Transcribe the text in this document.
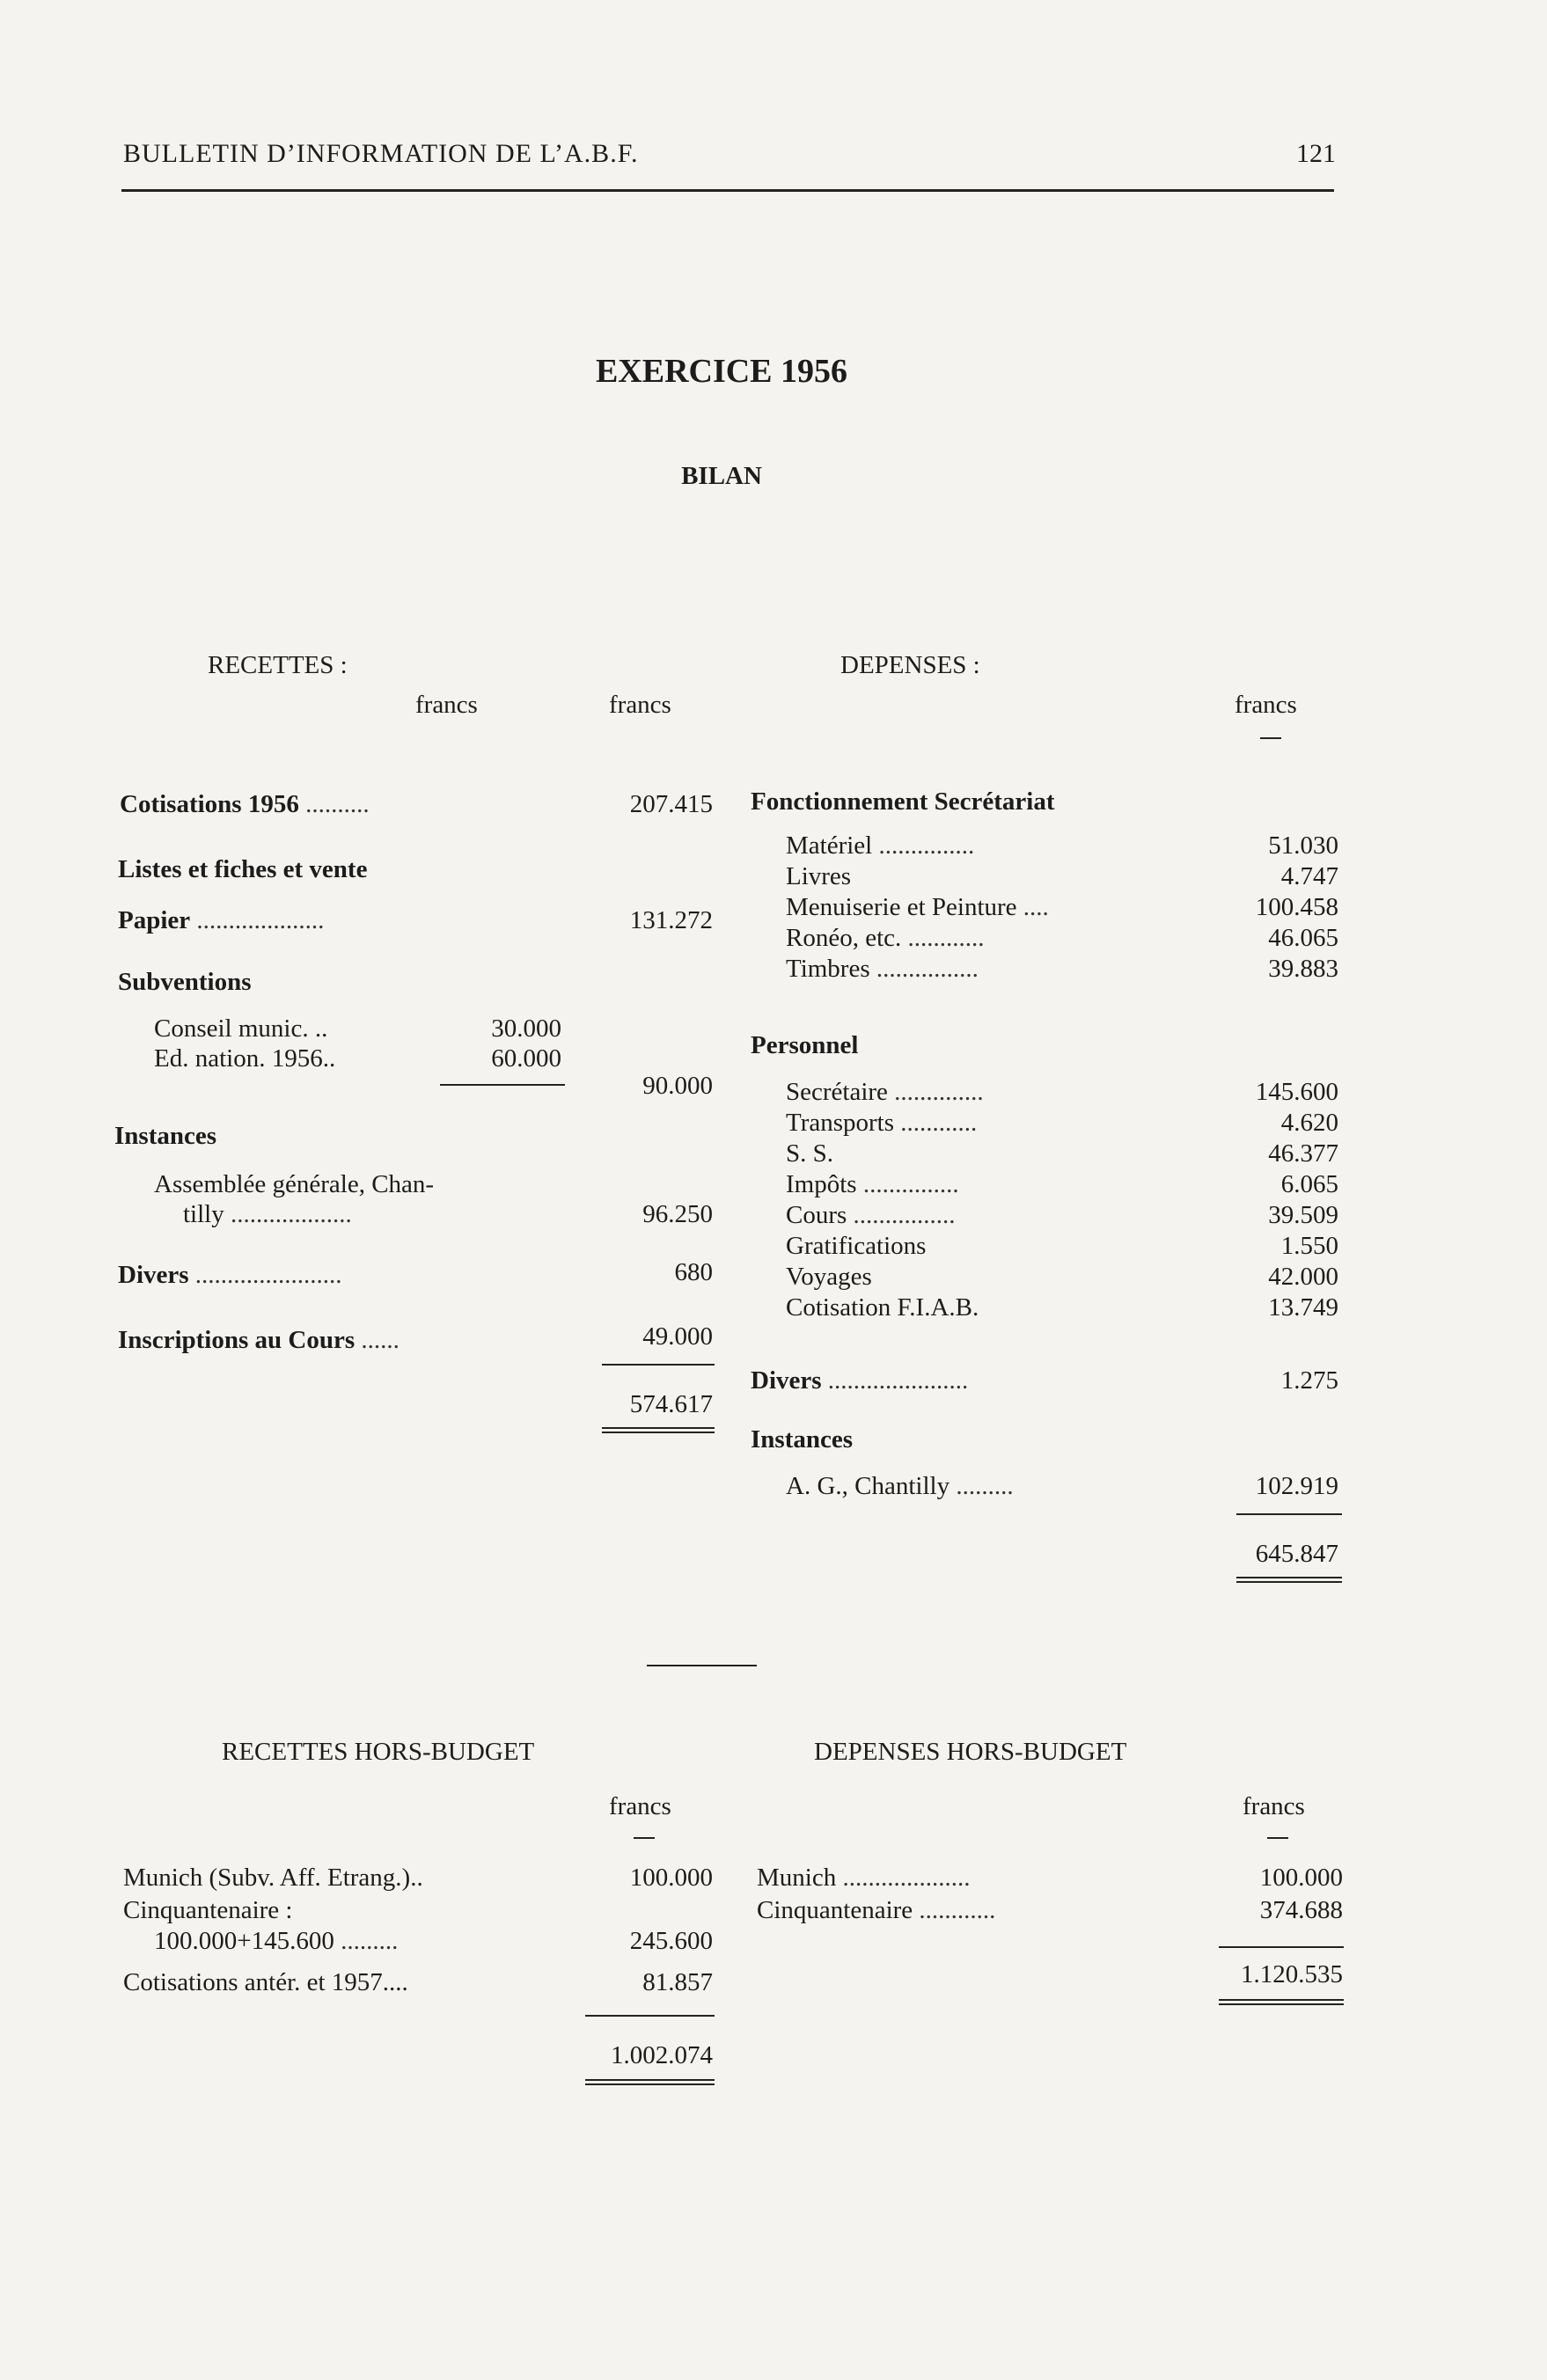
BULLETIN D’INFORMATION DE L’A.B.F.	121
EXERCICE 1956
BILAN
RECETTES :
francs	francs
Cotisations 1956 ..........	207.415
Listes et fiches et vente
Papier ....................	131.272
Subventions
Conseil munic. ..	30.000
Ed. nation. 1956..	60.000
90.000
Instances
Assemblée générale, Chan-
tilly ...................	96.250
Divers .......................	680
Inscriptions au Cours ......	49.000
574.617
DEPENSES :
francs
Fonctionnement Secrétariat
Matériel ...............	51.030
Livres	4.747
Menuiserie et Peinture ....	100.458
Ronéo, etc. ............	46.065
Timbres ................	39.883
Personnel
Secrétaire ..............	145.600
Transports ............	4.620
S. S.	46.377
Impôts ...............	6.065
Cours ................	39.509
Gratifications	1.550
Voyages	42.000
Cotisation F.I.A.B.	13.749
Divers ......................	1.275
Instances
A. G., Chantilly .........	102.919
645.847
RECETTES HORS-BUDGET
francs
DEPENSES HORS-BUDGET
francs
Munich (Subv. Aff. Etrang.)..	100.000
Cinquantenaire :
100.000+145.600 .........	245.600
Cotisations antér. et 1957....	81.857
1.002.074
Munich ....................	100.000
Cinquantenaire ............	374.688
1.120.535
